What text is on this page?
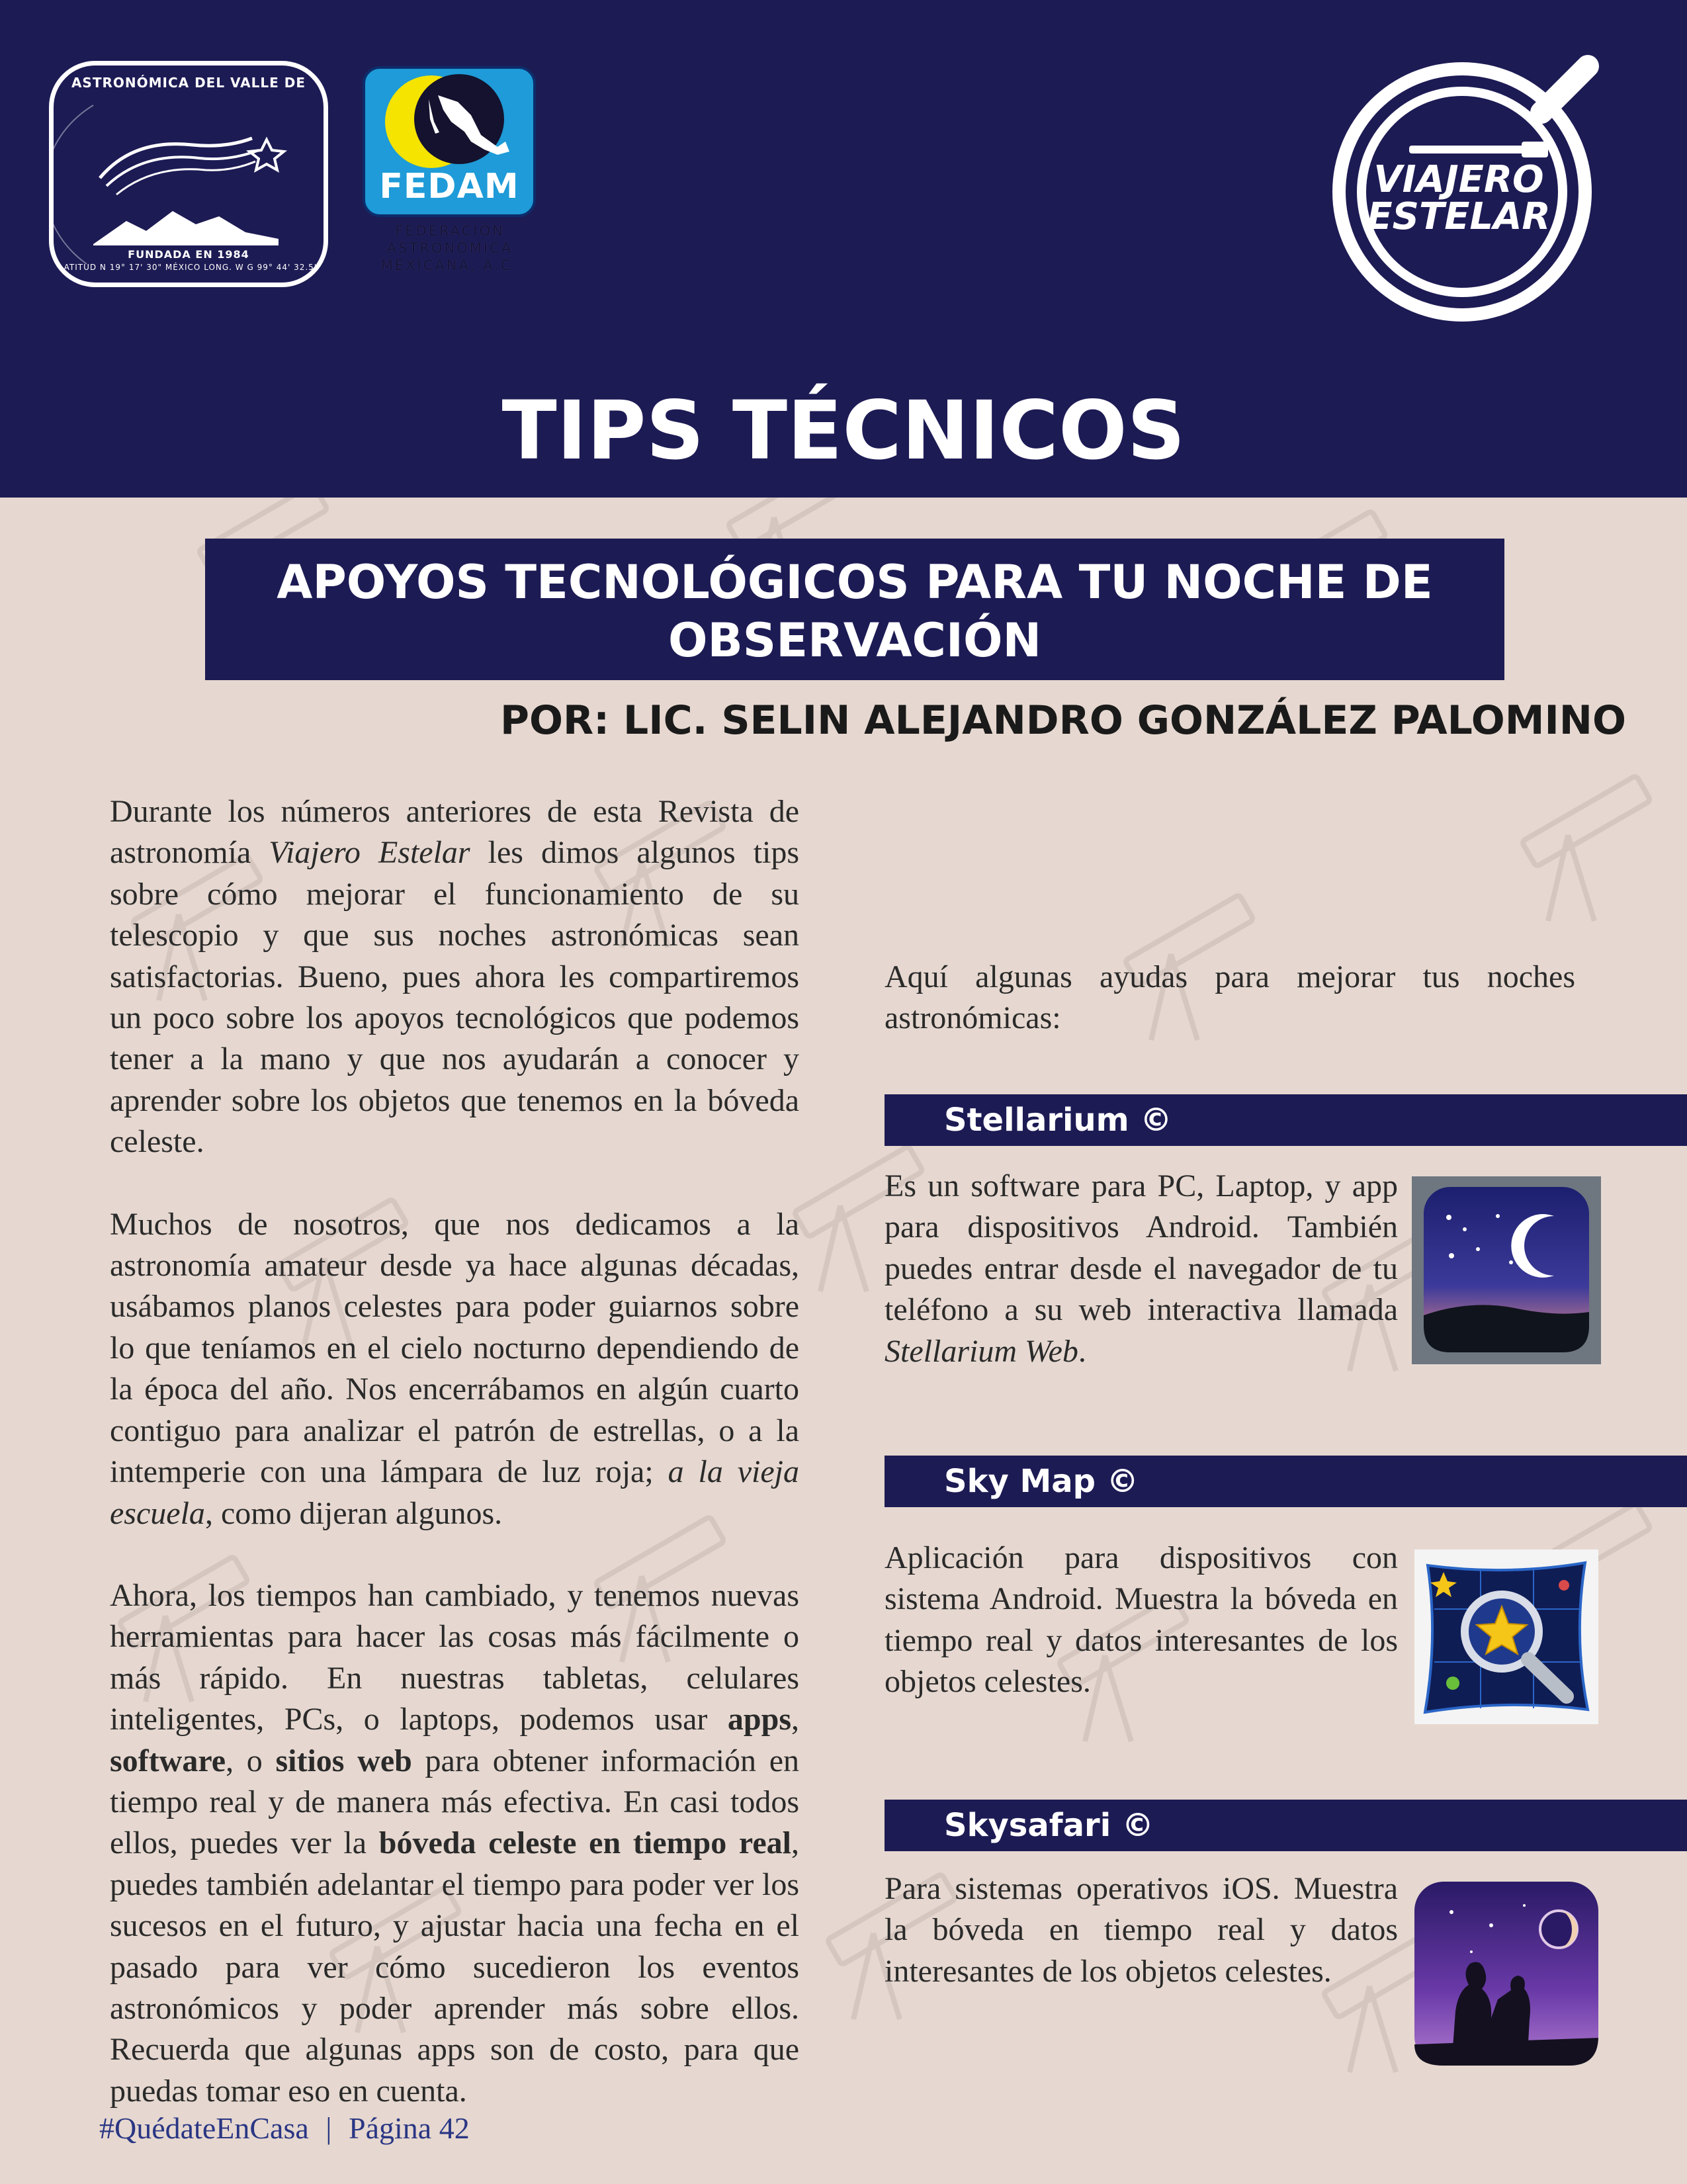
ASTRONÓMICA DEL VALLE DE
FUNDADA EN 1984
LATITUD N 19° 17' 30" MÉXICO LONG. W G 99° 44' 32.5"
FEDAM
FEDERACIÓN
ASTRONÓMICA
MEXICANA, A.C.
VIAJERO
ESTELAR
TIPS TÉCNICOS
APOYOS TECNOLÓGICOS PARA TU NOCHE DE OBSERVACIÓN

POR: LIC. SELIN ALEJANDRO GONZÁLEZ PALOMINO

Durante los números anteriores de esta Revista de astronomía Viajero Estelar les dimos algunos tips sobre cómo mejorar el funcionamiento de su telescopio y que sus noches astronómicas sean satisfactorias. Bueno, pues ahora les compartiremos un poco sobre los apoyos tecnológicos que podemos tener a la mano y que nos ayudarán a conocer y aprender sobre los objetos que tenemos en la bóveda celeste.

Muchos de nosotros, que nos dedicamos a la astronomía amateur desde ya hace algunas décadas, usábamos planos celestes para poder guiarnos sobre lo que teníamos en el cielo nocturno dependiendo de la época del año. Nos encerrábamos en algún cuarto contiguo para analizar el patrón de estrellas, o a la intemperie con una lámpara de luz roja; a la vieja escuela, como dijeran algunos.

Ahora, los tiempos han cambiado, y tenemos nuevas herramientas para hacer las cosas más fácilmente o más rápido. En nuestras tabletas, celulares inteligentes, PCs, o laptops, podemos usar apps, software, o sitios web para obtener información en tiempo real y de manera más efectiva. En casi todos ellos, puedes ver la bóveda celeste en tiempo real, puedes también adelantar el tiempo para poder ver los sucesos en el futuro, y ajustar hacia una fecha en el pasado para ver cómo sucedieron los eventos astronómicos y poder aprender más sobre ellos. Recuerda que algunas apps son de costo, para que puedas tomar eso en cuenta.

Aquí algunas ayudas para mejorar tus noches astronómicas:

Stellarium ©

Es un software para PC, Laptop, y app para dispositivos Android. También puedes entrar desde el navegador de tu teléfono a su web interactiva llamada Stellarium Web.

Sky Map ©

Aplicación para dispositivos con sistema Android. Muestra la bóveda en tiempo real y datos interesantes de los objetos celestes.

Skysafari ©

Para sistemas operativos iOS. Muestra la bóveda en tiempo real y datos interesantes de los objetos celestes.

#QuédateEnCasa | Página 42
